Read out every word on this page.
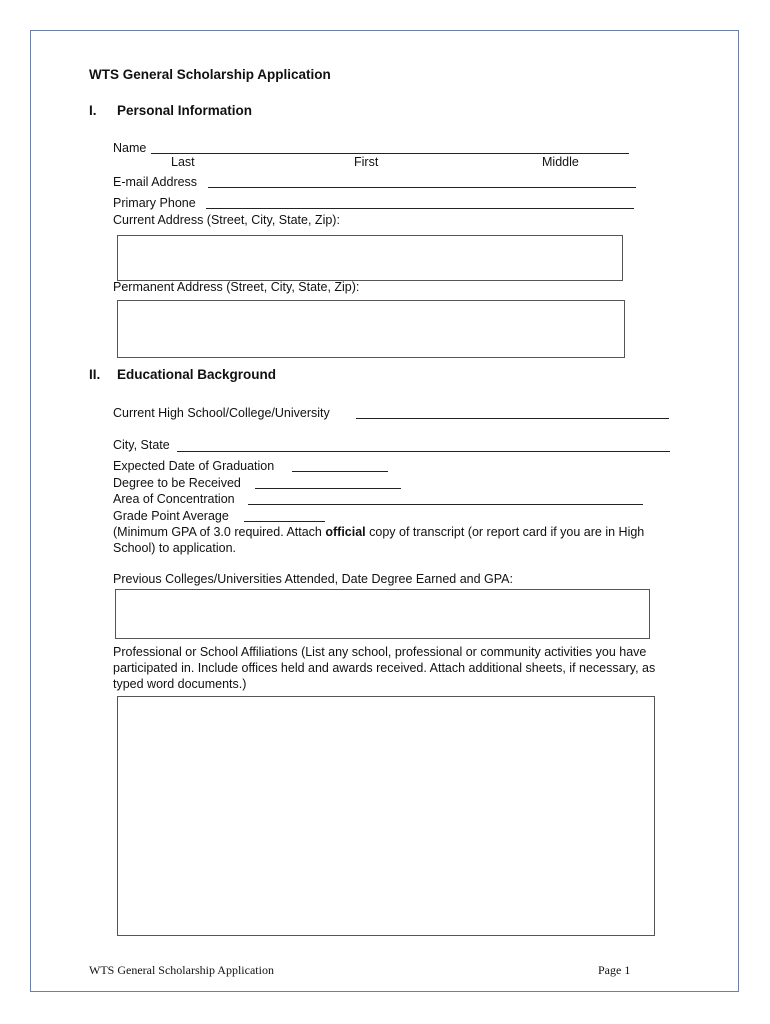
WTS General Scholarship Application
I. Personal Information
Name
Last	First	Middle
E-mail Address
Primary Phone
Current Address (Street, City, State, Zip):
Permanent Address (Street, City, State, Zip):
II. Educational Background
Current High School/College/University
City, State
Expected Date of Graduation
Degree to be Received
Area of Concentration
Grade Point Average
(Minimum GPA of 3.0 required. Attach official copy of transcript (or report card if you are in High School) to application.
Previous Colleges/Universities Attended, Date Degree Earned and GPA:
Professional or School Affiliations (List any school, professional or community activities you have participated in. Include offices held and awards received. Attach additional sheets, if necessary, as typed word documents.)
WTS General Scholarship Application	Page 1
